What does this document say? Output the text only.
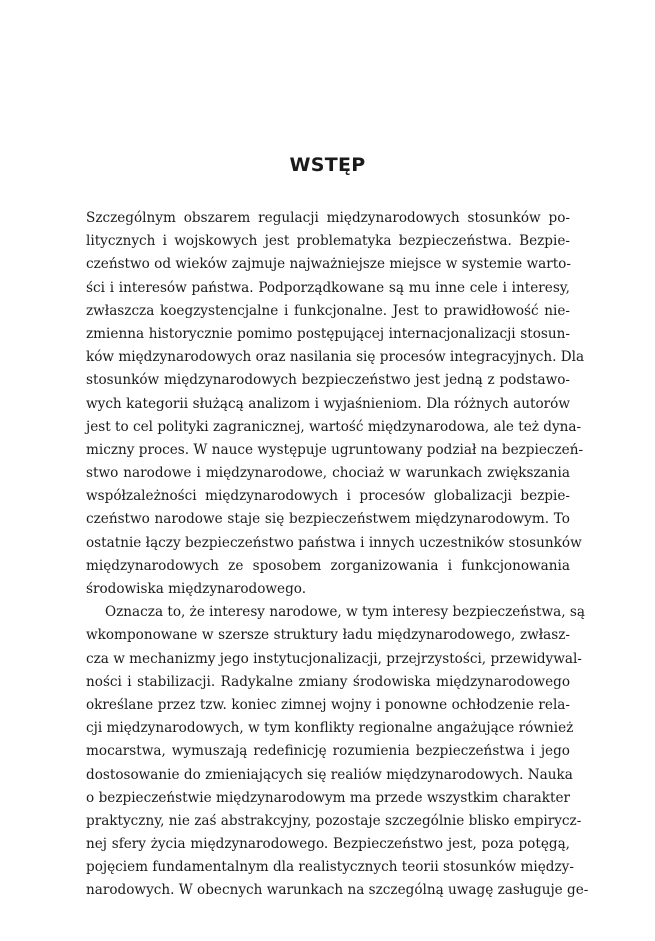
WSTĘP
Szczególnym obszarem regulacji międzynarodowych stosunków po-
litycznych i wojskowych jest problematyka bezpieczeństwa. Bezpie-
czeństwo od wieków zajmuje najważniejsze miejsce w systemie warto-
ści i interesów państwa. Podporządkowane są mu inne cele i interesy,
zwłaszcza koegzystencjalne i funkcjonalne. Jest to prawidłowość nie-
zmienna historycznie pomimo postępującej internacjonalizacji stosun-
ków międzynarodowych oraz nasilania się procesów integracyjnych. Dla
stosunków międzynarodowych bezpieczeństwo jest jedną z podstawo-
wych kategorii służącą analizom i wyjaśnieniom. Dla różnych autorów
jest to cel polityki zagranicznej, wartość międzynarodowa, ale też dyna-
miczny proces. W nauce występuje ugruntowany podział na bezpieczeń-
stwo narodowe i międzynarodowe, chociaż w warunkach zwiększania
współzależności międzynarodowych i procesów globalizacji bezpie-
czeństwo narodowe staje się bezpieczeństwem międzynarodowym. To
ostatnie łączy bezpieczeństwo państwa i innych uczestników stosunków
międzynarodowych ze sposobem zorganizowania i funkcjonowania
środowiska międzynarodowego.
Oznacza to, że interesy narodowe, w tym interesy bezpieczeństwa, są
wkomponowane w szersze struktury ładu międzynarodowego, zwłasz-
cza w mechanizmy jego instytucjonalizacji, przejrzystości, przewidywal-
ności i stabilizacji. Radykalne zmiany środowiska międzynarodowego
określane przez tzw. koniec zimnej wojny i ponowne ochłodzenie rela-
cji międzynarodowych, w tym konflikty regionalne angażujące również
mocarstwa, wymuszają redefinicję rozumienia bezpieczeństwa i jego
dostosowanie do zmieniających się realiów międzynarodowych. Nauka
o bezpieczeństwie międzynarodowym ma przede wszystkim charakter
praktyczny, nie zaś abstrakcyjny, pozostaje szczególnie blisko empirycz-
nej sfery życia międzynarodowego. Bezpieczeństwo jest, poza potęgą,
pojęciem fundamentalnym dla realistycznych teorii stosunków między-
narodowych. W obecnych warunkach na szczególną uwagę zasługuje ge-
